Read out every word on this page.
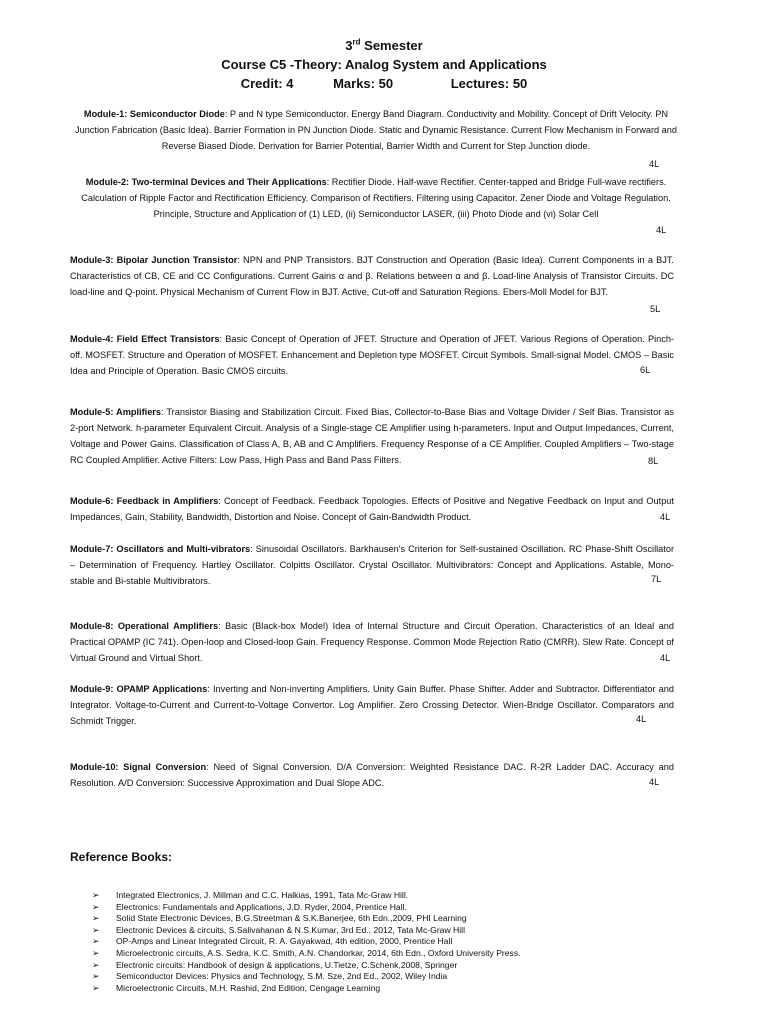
3rd Semester
Course C5 -Theory: Analog System and Applications
Credit: 4	Marks: 50	Lectures: 50
Module-1: Semiconductor Diode: P and N type Semiconductor. Energy Band Diagram. Conductivity and Mobility. Concept of Drift Velocity. PN Junction Fabrication (Basic Idea). Barrier Formation in PN Junction Diode. Static and Dynamic Resistance. Current Flow Mechanism in Forward and Reverse Biased Diode. Derivation for Barrier Potential, Barrier Width and Current for Step Junction diode.
4L
Module-2: Two-terminal Devices and Their Applications: Rectifier Diode. Half-wave Rectifier. Center-tapped and Bridge Full-wave rectifiers. Calculation of Ripple Factor and Rectification Efficiency. Comparison of Rectifiers. Filtering using Capacitor. Zener Diode and Voltage Regulation. Principle, Structure and Application of (1) LED, (ii) Semiconductor LASER, (iii) Photo Diode and (vi) Solar Cell
4L
Module-3: Bipolar Junction Transistor: NPN and PNP Transistors. BJT Construction and Operation (Basic Idea). Current Components in a BJT. Characteristics of CB, CE and CC Configurations. Current Gains α and β. Relations between α and β. Load-line Analysis of Transistor Circuits. DC load-line and Q-point. Physical Mechanism of Current Flow in BJT. Active, Cut-off and Saturation Regions. Ebers-Moll Model for BJT.
5L
Module-4: Field Effect Transistors: Basic Concept of Operation of JFET. Structure and Operation of JFET. Various Regions of Operation. Pinch-off. MOSFET. Structure and Operation of MOSFET. Enhancement and Depletion type MOSFET. Circuit Symbols. Small-signal Model. CMOS – Basic Idea and Principle of Operation. Basic CMOS circuits.	6L
Module-5: Amplifiers: Transistor Biasing and Stabilization Circuit. Fixed Bias, Collector-to-Base Bias and Voltage Divider / Self Bias. Transistor as 2-port Network. h-parameter Equivalent Circuit. Analysis of a Single-stage CE Amplifier using h-parameters. Input and Output Impedances, Current, Voltage and Power Gains. Classification of Class A, B, AB and C Amplifiers. Frequency Response of a CE Amplifier. Coupled Amplifiers – Two-stage RC Coupled Amplifier. Active Filters: Low Pass, High Pass and Band Pass Filters.	8L
Module-6: Feedback in Amplifiers: Concept of Feedback. Feedback Topologies. Effects of Positive and Negative Feedback on Input and Output Impedances, Gain, Stability, Bandwidth, Distortion and Noise. Concept of Gain-Bandwidth Product.	4L
Module-7: Oscillators and Multi-vibrators: Sinusoidal Oscillators. Barkhausen's Criterion for Self-sustained Oscillation. RC Phase-Shift Oscillator – Determination of Frequency. Hartley Oscillator. Colpitts Oscillator. Crystal Oscillator. Multivibrators: Concept and Applications. Astable, Mono-stable and Bi-stable Multivibrators.	7L
Module-8: Operational Amplifiers: Basic (Black-box Model) Idea of Internal Structure and Circuit Operation. Characteristics of an Ideal and Practical OPAMP (IC 741). Open-loop and Closed-loop Gain. Frequency Response. Common Mode Rejection Ratio (CMRR). Slew Rate. Concept of Virtual Ground and Virtual Short.	4L
Module-9: OPAMP Applications: Inverting and Non-inverting Amplifiers. Unity Gain Buffer. Phase Shifter. Adder and Subtractor. Differentiator and Integrator. Voltage-to-Current and Current-to-Voltage Convertor. Log Amplifier. Zero Crossing Detector. Wien-Bridge Oscillator. Comparators and Schmidt Trigger.	4L
Module-10: Signal Conversion: Need of Signal Conversion. D/A Conversion: Weighted Resistance DAC. R-2R Ladder DAC. Accuracy and Resolution. A/D Conversion: Successive Approximation and Dual Slope ADC.	4L
Reference Books:
➢ Integrated Electronics, J. Millman and C.C. Halkias, 1991, Tata Mc-Graw Hill.
➢ Electronics: Fundamentals and Applications, J.D. Ryder, 2004, Prentice Hall.
➢ Solid State Electronic Devices, B.G.Streetman & S.K.Banerjee, 6th Edn.,2009, PHI Learning
➢ Electronic Devices & circuits, S.Salivahanan & N.S.Kumar, 3rd Ed., 2012, Tata Mc-Graw Hill
➢ OP-Amps and Linear Integrated Circuit, R. A. Gayakwad, 4th edition, 2000, Prentice Hall
➢ Microelectronic circuits, A.S. Sedra, K.C. Smith, A.N. Chandorkar, 2014, 6th Edn., Oxford University Press.
➢ Electronic circuits: Handbook of design & applications, U.Tietze, C.Schenk,2008, Springer
➢ Semiconductor Devices: Physics and Technology, S.M. Sze, 2nd Ed., 2002, Wiley India
➢ Microelectronic Circuits, M.H. Rashid, 2nd Edition, Cengage Learning
